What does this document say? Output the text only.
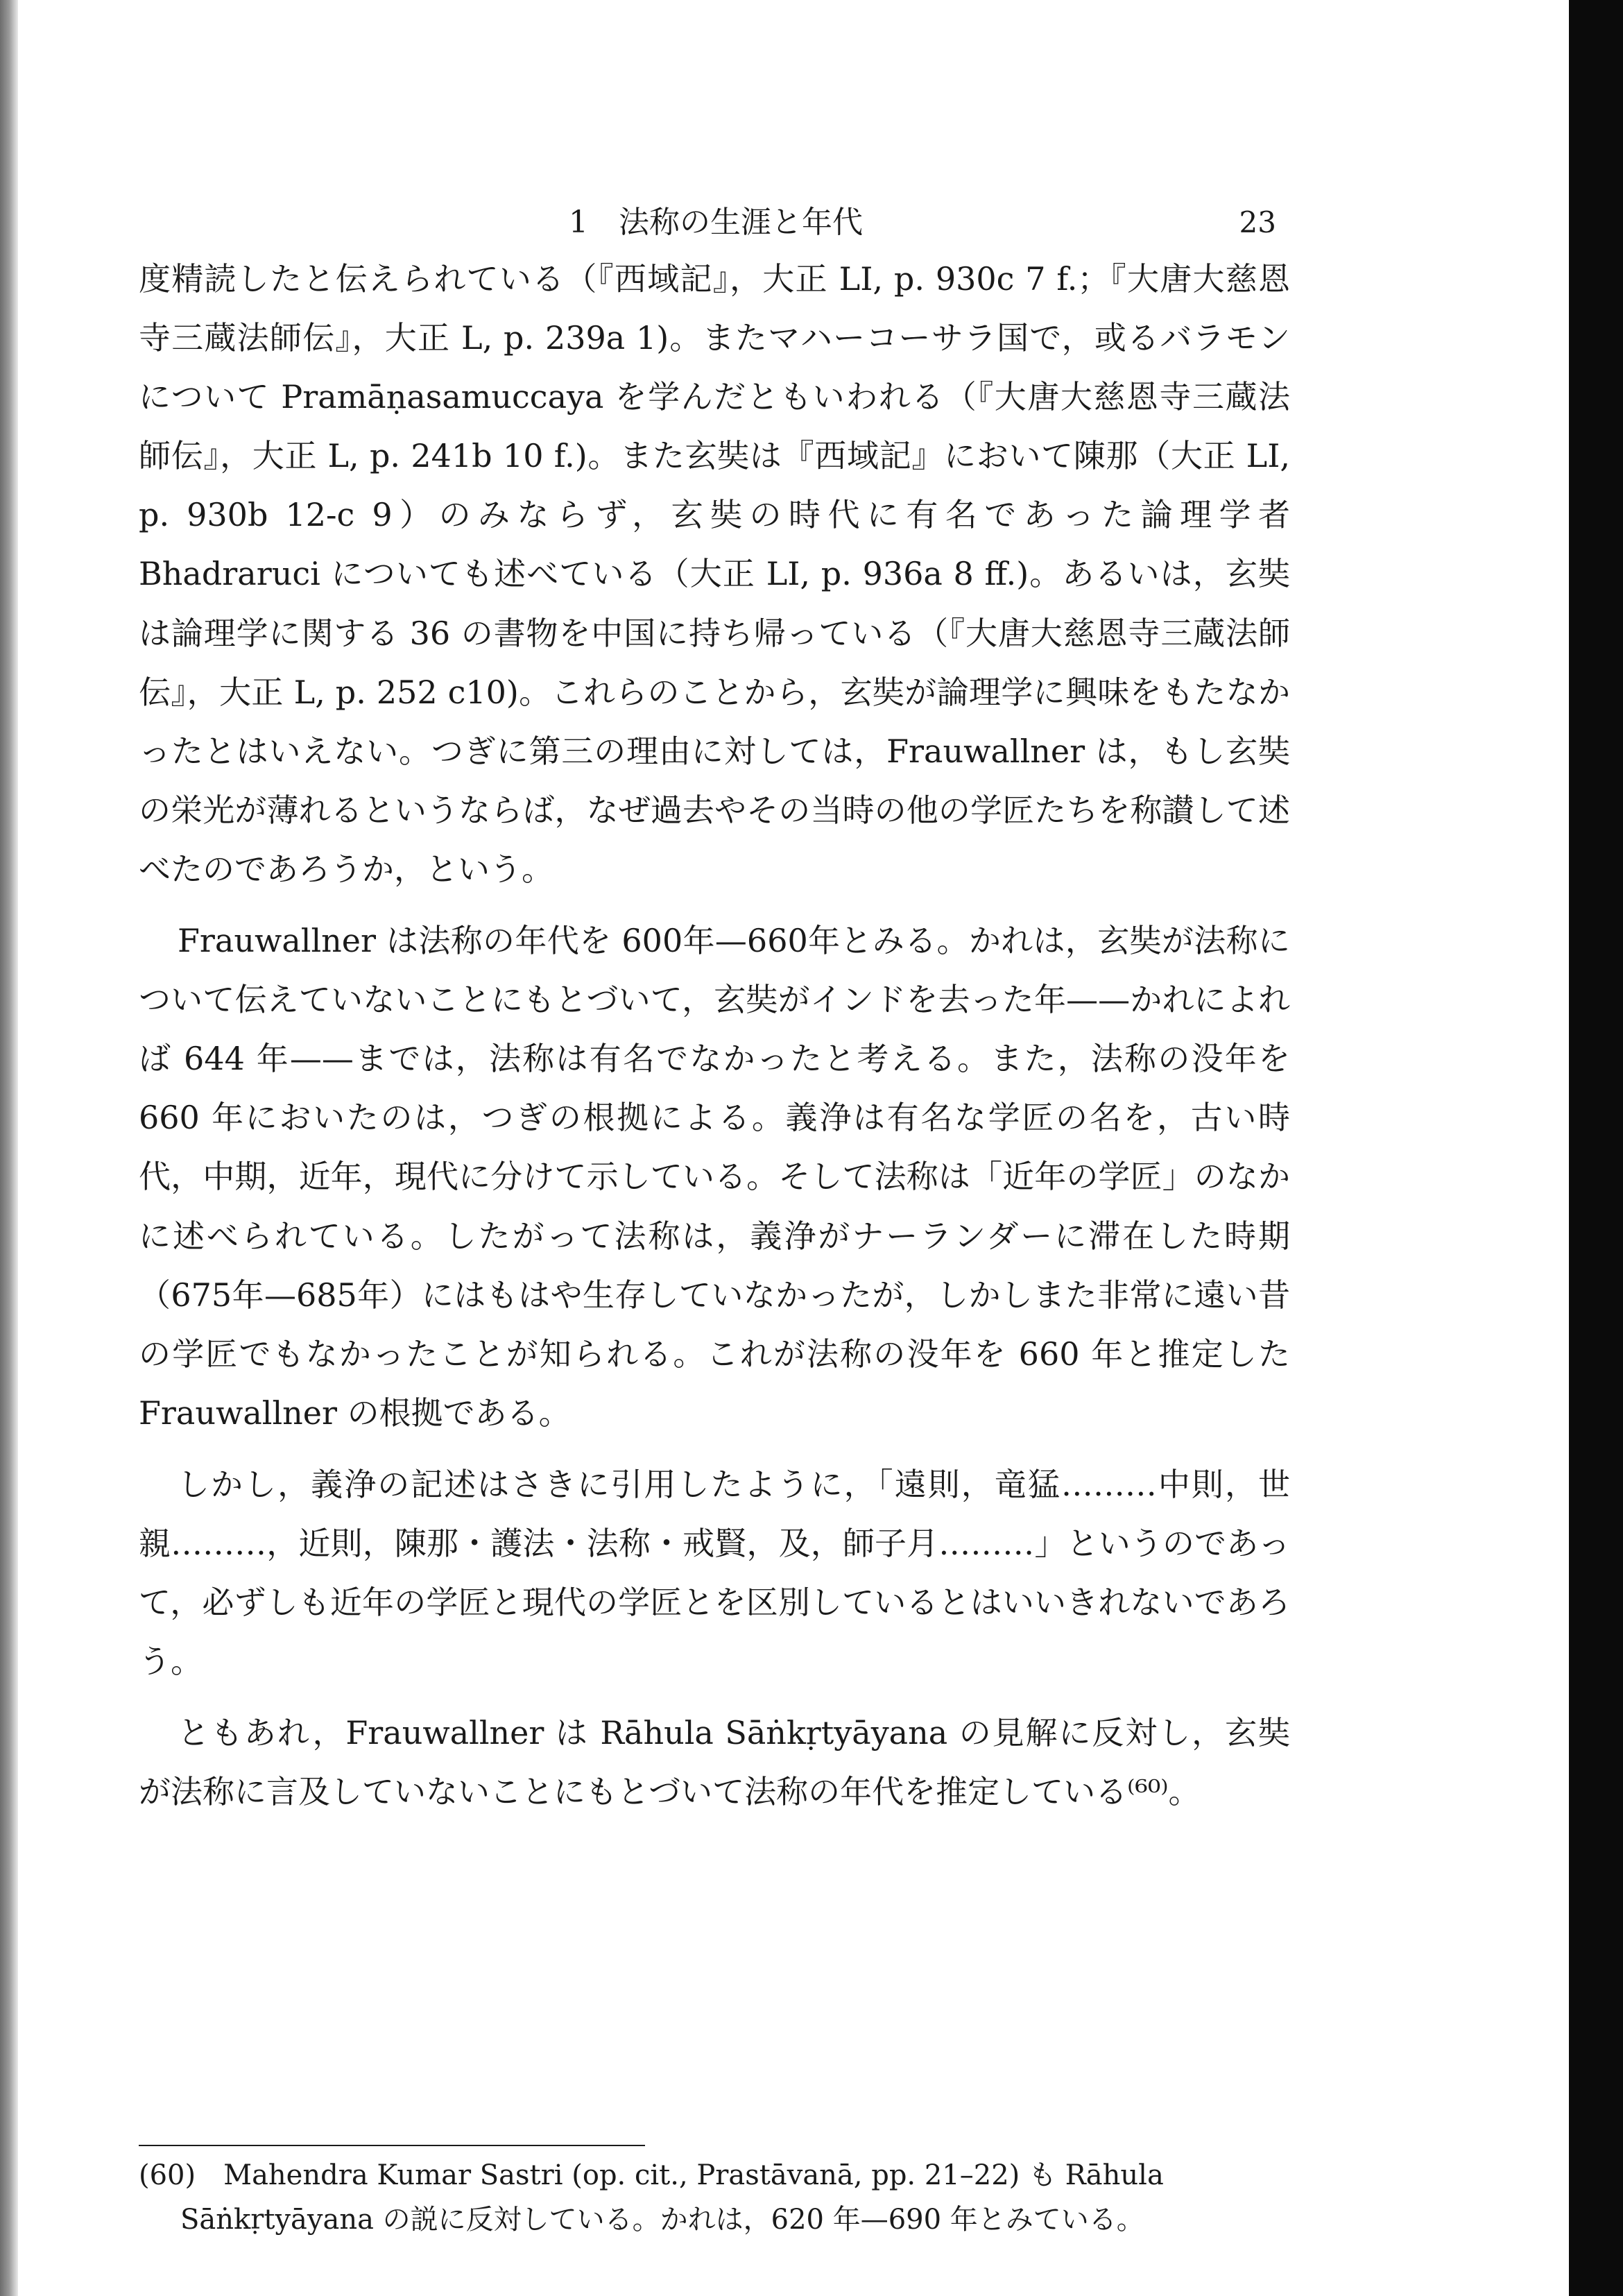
1　法称の生涯と年代	23

度精読したと伝えられている（『西域記』，大正 LI, p. 930c 7 f.；『大唐大慈恩寺三蔵法師伝』，大正 L, p. 239a 1)。またマハーコーサラ国で，或るバラモンについて Pramāṇasamuccaya を学んだともいわれる（『大唐大慈恩寺三蔵法師伝』，大正 L, p. 241b 10 f.)。また玄奘は『西域記』において陳那（大正 LI, p. 930b 12-c 9）のみならず，玄奘の時代に有名であった論理学者 Bhadraruci についても述べている（大正 LI, p. 936a 8 ff.)。あるいは，玄奘は論理学に関する 36 の書物を中国に持ち帰っている（『大唐大慈恩寺三蔵法師伝』，大正 L, p. 252 c10)。これらのことから，玄奘が論理学に興味をもたなかったとはいえない。つぎに第三の理由に対しては，Frauwallner は，もし玄奘の栄光が薄れるというならば，なぜ過去やその当時の他の学匠たちを称讃して述べたのであろうか，という。

Frauwallner は法称の年代を 600年—660年とみる。かれは，玄奘が法称について伝えていないことにもとづいて，玄奘がインドを去った年——かれによれば 644 年——までは，法称は有名でなかったと考える。また，法称の没年を 660 年においたのは，つぎの根拠による。義浄は有名な学匠の名を，古い時代，中期，近年，現代に分けて示している。そして法称は「近年の学匠」のなかに述べられている。したがって法称は，義浄がナーランダーに滞在した時期（675年—685年）にはもはや生存していなかったが，しかしまた非常に遠い昔の学匠でもなかったことが知られる。これが法称の没年を 660 年と推定した Frauwallner の根拠である。

しかし，義浄の記述はさきに引用したように，「遠則，竜猛………中則，世親………，近則，陳那・護法・法称・戒賢，及，師子月………」というのであって，必ずしも近年の学匠と現代の学匠とを区別しているとはいいきれないであろう。

ともあれ，Frauwallner は Rāhula Sāṅkṛtyāyana の見解に反対し，玄奘が法称に言及していないことにもとづいて法称の年代を推定している⁽⁶⁰⁾。

(60)　Mahendra Kumar Sastri (op. cit., Prastāvanā, pp. 21–22) も Rāhula
Sāṅkṛtyāyana の説に反対している。かれは，620 年—690 年とみている。
